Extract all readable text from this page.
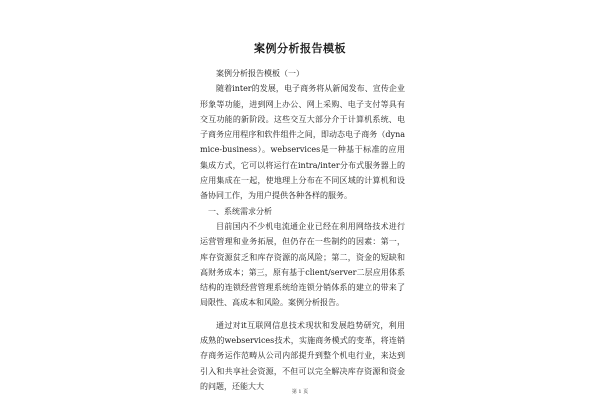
案例分析报告模板

案例分析报告模板（一）

随着inter的发展，电子商务将从新闻发布、宣传企业形象等功能，进到网上办公、网上采购、电子支付等具有交互功能的新阶段。这些交互大部分介于计算机系统、电子商务应用程序和软件组件之间，即动态电子商务（dynamice-business）。webservices是一种基于标准的应用集成方式，它可以将运行在intra/inter分布式服务器上的应用集成在一起，使地理上分布在不同区域的计算机和设备协同工作，为用户提供各种各样的服务。

一、系统需求分析

目前国内不少机电流通企业已经在利用网络技术进行运营管理和业务拓展，但仍存在一些制约的因素：第一，库存资源贫乏和库存资源的高风险；第二，资金的短缺和高财务成本；第三，原有基于client/server二层应用体系结构的连锁经营管理系统给连锁分销体系的建立的带来了局限性、高成本和风险。案例分析报告。

通过对it互联网信息技术现状和发展趋势研究，利用成熟的webservices技术，实施商务模式的变革，将连销存商务运作范畴从公司内部提升到整个机电行业，来达到引入和共享社会资源，不但可以完全解决库存资源和资金的问题，还能大大

第 1 页
